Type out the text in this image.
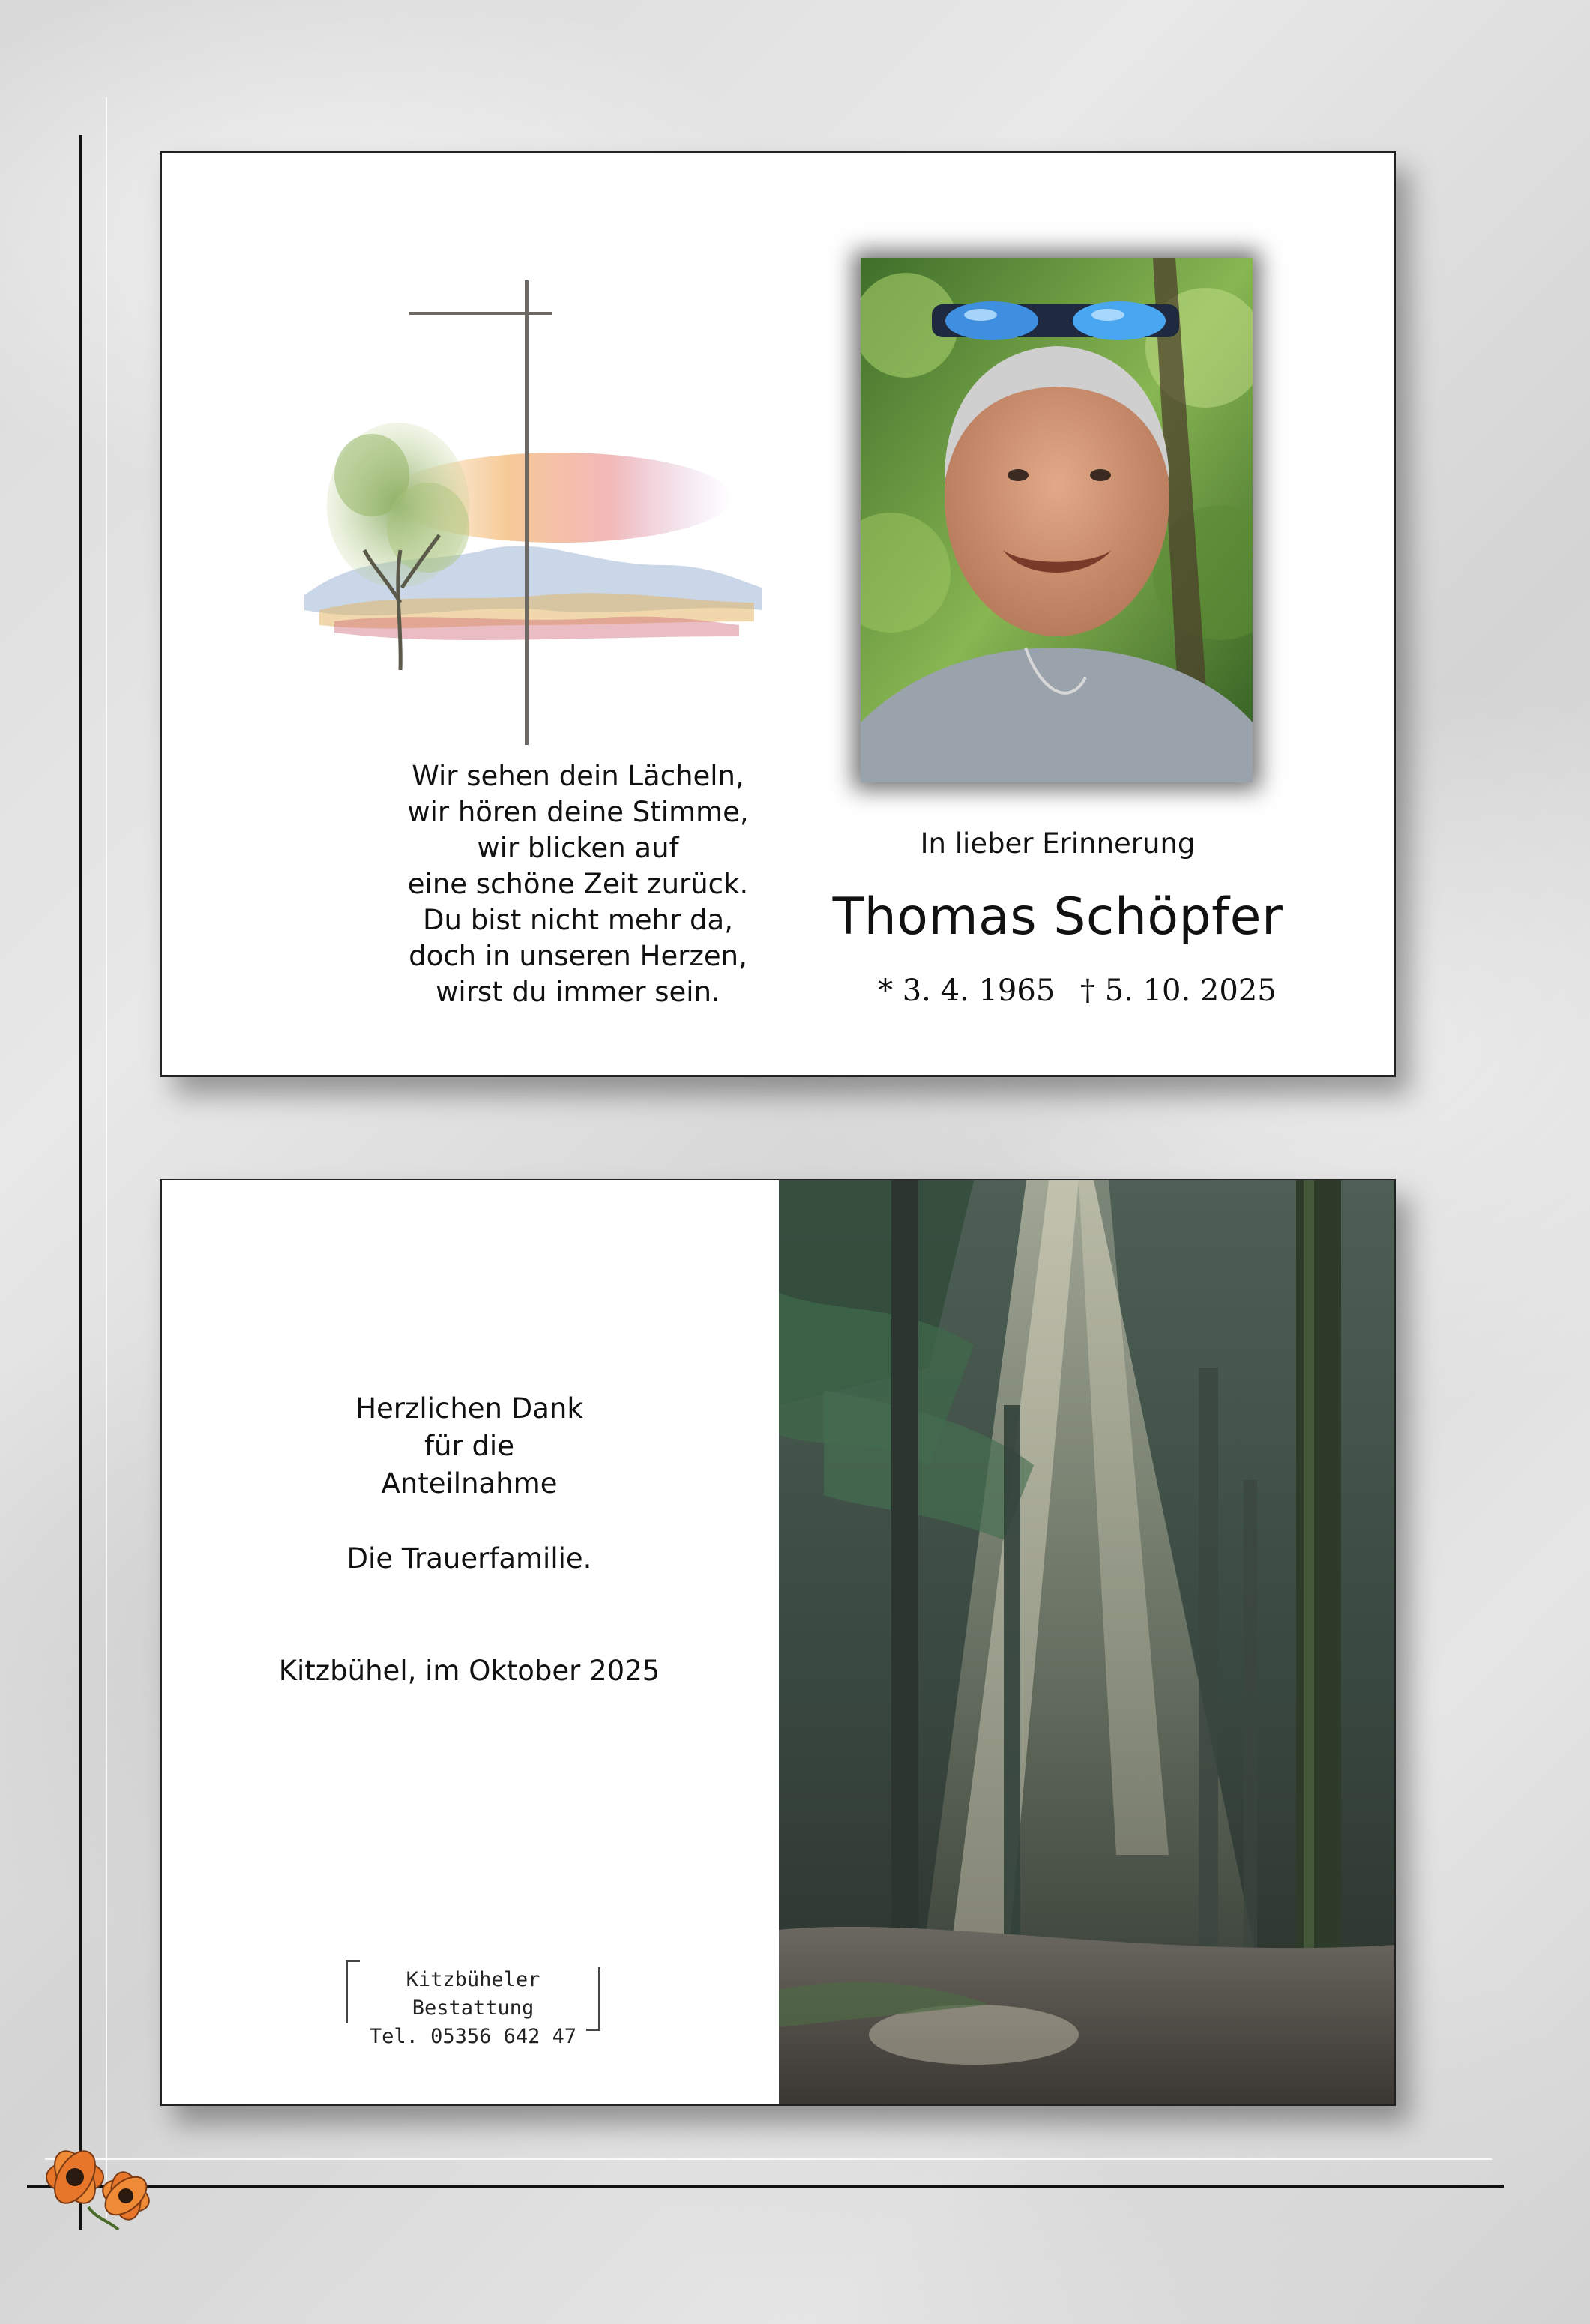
Wir sehen dein Lächeln,
wir hören deine Stimme,
wir blicken auf
eine schöne Zeit zurück.
Du bist nicht mehr da,
doch in unseren Herzen,
wirst du immer sein.
In lieber Erinnerung
Thomas Schöpfer
* 3. 4. 1965 † 5. 10. 2025
Herzlichen Dank
für die
Anteilnahme
Die Trauerfamilie.
Kitzbühel, im Oktober 2025
Kitzbüheler Bestattung
Tel. 05356 642 47
